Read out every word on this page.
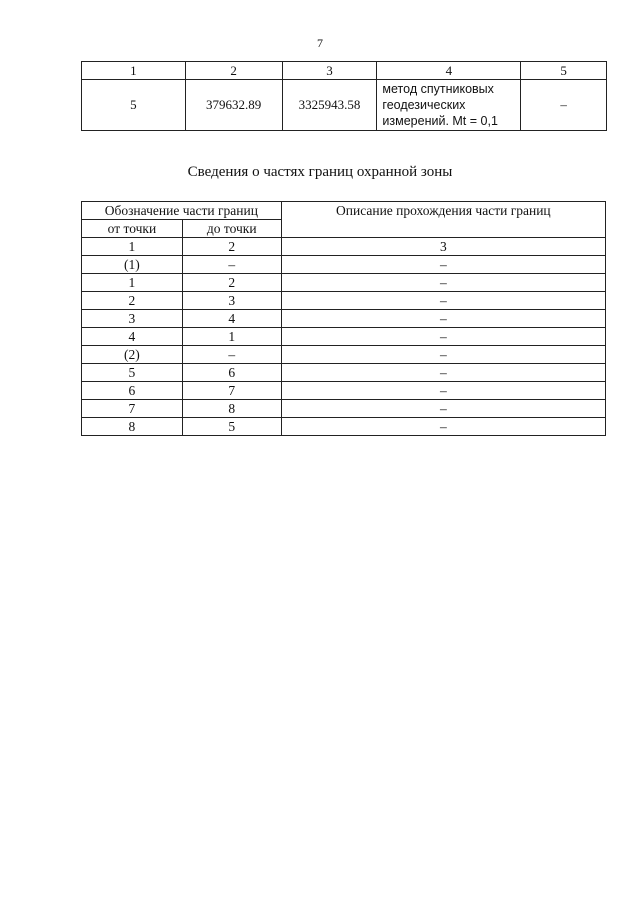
7
1	2	3	4	5
5	379632.89	3325943.58	метод спутниковых геодезических измерений. Mt = 0,1	–
Сведения о частях границ охранной зоны
Обозначение части границ		Описание прохождения части границ
от точки	до точки	
1	2	3
(1)	–	–
1	2	–
2	3	–
3	4	–
4	1	–
(2)	–	–
5	6	–
6	7	–
7	8	–
8	5	–
